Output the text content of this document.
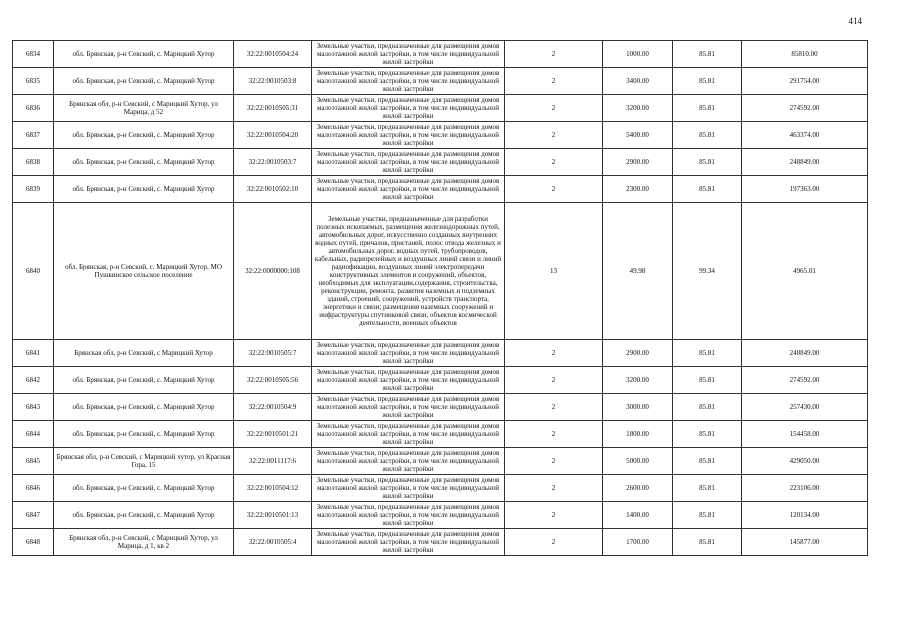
414
6834	обл. Брянская, р-н Севский, с. Марицкий Хутор	32:22:0010504:24	Земельные участки, предназначенные для размещения домов малоэтажной жилой застройки, в том числе индивидуальной жилой застройки	2	1000.00	85.81	85810.00
6835	обл. Брянская, р-н Севский, с. Марицкий Хутор	32:22:0010503:8	Земельные участки, предназначенные для размещения домов малоэтажной жилой застройки, в том числе индивидуальной жилой застройки	2	3400.00	85.81	291754.00
6836	Брянская обл, р-н Севский, с Марицкий Хутор, ул Марица, д 52	32:22:0010505:31	Земельные участки, предназначенные для размещения домов малоэтажной жилой застройки, в том числе индивидуальной жилой застройки	2	3200.00	85.81	274592.00
6837	обл. Брянская, р-н Севский, с. Марицкий Хутор	32:22:0010504:20	Земельные участки, предназначенные для размещения домов малоэтажной жилой застройки, в том числе индивидуальной жилой застройки	2	5400.00	85.81	463374.00
6838	обл. Брянская, р-н Севский, с. Марицкий Хутор	32:22:0010503:7	Земельные участки, предназначенные для размещения домов малоэтажной жилой застройки, в том числе индивидуальной жилой застройки	2	2900.00	85.81	248849.00
6839	обл. Брянская, р-н Севский, с. Марицкий Хутор	32:22:0010502:10	Земельные участки, предназначенные для размещения домов малоэтажной жилой застройки, в том числе индивидуальной жилой застройки	2	2300.00	85.81	197363.00
6840	обл. Брянская, р-н Севский, с. Марицкий Хутор, МО Пушкинское сельское поселение	32:22:0000000:108	Земельные участки, предназначенные для разработки полезных ископаемых, размещения железнодорожных путей, автомобильных дорог, искусственно созданных внутренних водных путей, причалов, пристаней, полос отвода железных и автомобильных дорог, водных путей, трубопроводов, кабельных, радиорелейных и воздушных линий связи и линий радиофикации, воздушных линий электропередачи конструктивных элементов и сооружений, объектов, необходимых для эксплуатации,содержания, строительства, реконструкции, ремонта, развития наземных и подземных зданий, строений, сооружений, устройств транспорта, энергетики и связи; размещения наземных сооружений и инфраструктуры спутниковой связи, объектов космической деятельности, военных объектов	13	49.98	99.34	4965.01
6841	Брянская обл, р-н Севский, с Марицкий Хутор	32:22:0010505:7	Земельные участки, предназначенные для размещения домов малоэтажной жилой застройки, в том числе индивидуальной жилой застройки	2	2900.00	85.81	248849.00
6842	обл. Брянская, р-н Севский, с. Марицкий Хутор	32:22:0010505:56	Земельные участки, предназначенные для размещения домов малоэтажной жилой застройки, в том числе индивидуальной жилой застройки	2	3200.00	85.81	274592.00
6843	обл. Брянская, р-н Севский, с. Марицкий Хутор	32:22:0010504:9	Земельные участки, предназначенные для размещения домов малоэтажной жилой застройки, в том числе индивидуальной жилой застройки	2	3000.00	85.81	257430.00
6844	обл. Брянская, р-н Севский, с. Марицкий Хутор	32:22:0010501:21	Земельные участки, предназначенные для размещения домов малоэтажной жилой застройки, в том числе индивидуальной жилой застройки	2	1800.00	85.81	154458.00
6845	Брянская обл, р-н Севский, с Марицкий хутор, ул Красная Гора, 15	32:22:0011117:6	Земельные участки, предназначенные для размещения домов малоэтажной жилой застройки, в том числе индивидуальной жилой застройки	2	5000.00	85.81	429050.00
6846	обл. Брянская, р-н Севский, с. Марицкий Хутор	32:22:0010504:12	Земельные участки, предназначенные для размещения домов малоэтажной жилой застройки, в том числе индивидуальной жилой застройки	2	2600.00	85.81	223106.00
6847	обл. Брянская, р-н Севский, с. Марицкий Хутор	32:22:0010501:13	Земельные участки, предназначенные для размещения домов малоэтажной жилой застройки, в том числе индивидуальной жилой застройки	2	1400.00	85.81	120134.00
6848	Брянская обл, р-н Севский, с Марицкий Хутор, ул Марица, д 1, кв 2	32:22:0010505:4	Земельные участки, предназначенные для размещения домов малоэтажной жилой застройки, в том числе индивидуальной жилой застройки	2	1700.00	85.81	145877.00
